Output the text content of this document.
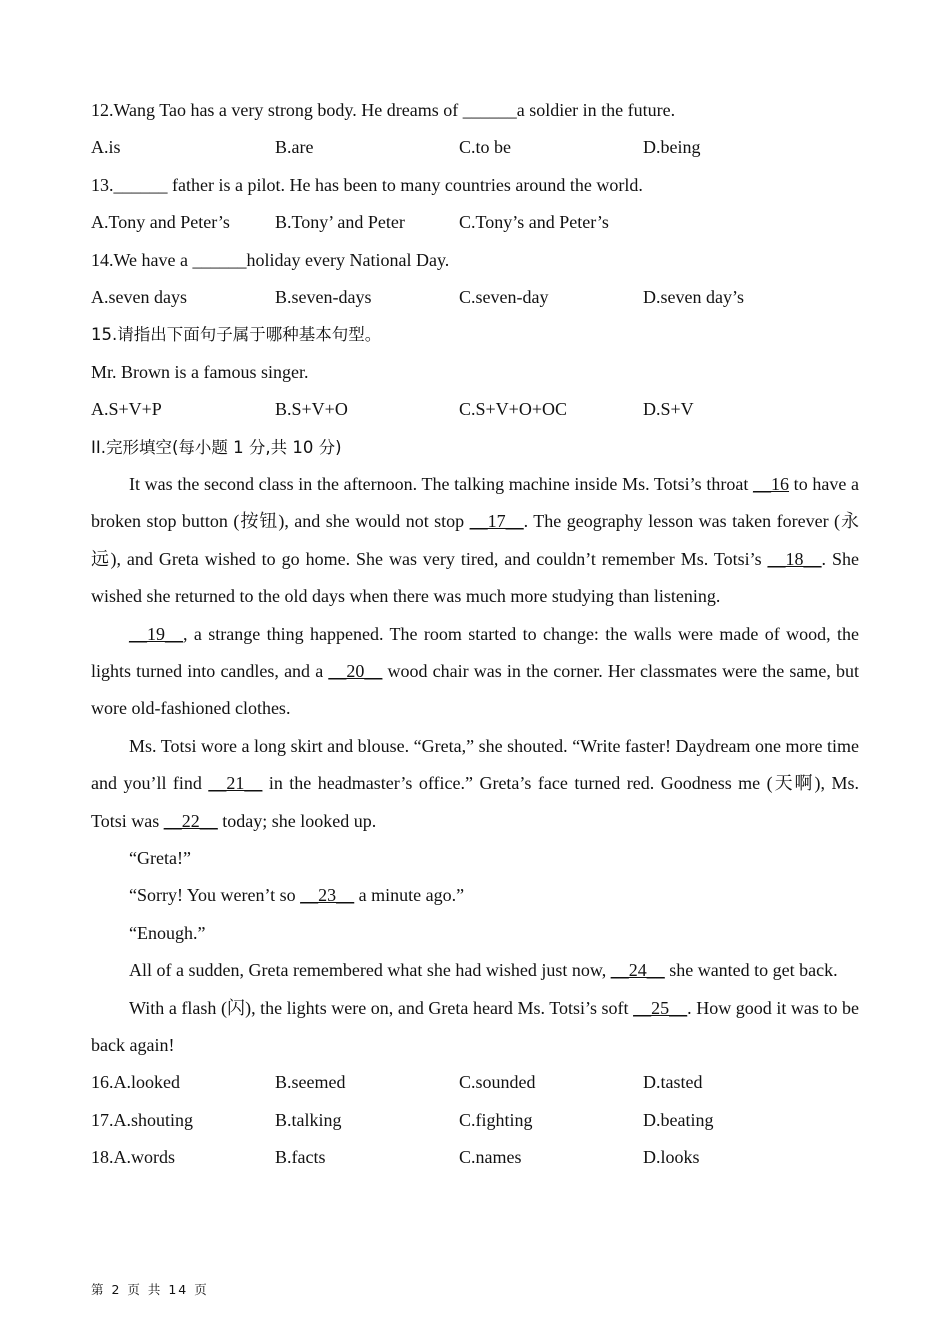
12.Wang Tao has a very strong body. He dreams of ______a soldier in the future.
A.is	B.are	C.to be	D.being
13.______ father is a pilot. He has been to many countries around the world.
A.Tony and Peter’s	B.Tony’ and Peter	C.Tony’s and Peter’s
14.We have a ______holiday every National Day.
A.seven days	B.seven-days	C.seven-day	D.seven day’s
15.请指出下面句子属于哪种基本句型。
Mr. Brown is a famous singer.
A.S+V+P	B.S+V+O	C.S+V+O+OC	D.S+V
II.完形填空(每小题 1 分,共 10 分)

It was the second class in the afternoon. The talking machine inside Ms. Totsi’s throat __16 to have a broken stop button (按钮), and she would not stop __17__. The geography lesson was taken forever (永远), and Greta wished to go home. She was very tired, and couldn’t remember Ms. Totsi’s __18__. She wished she returned to the old days when there was much more studying than listening.

__19__, a strange thing happened. The room started to change: the walls were made of wood, the lights turned into candles, and a __20__ wood chair was in the corner. Her classmates were the same, but wore old-fashioned clothes.

Ms. Totsi wore a long skirt and blouse. “Greta,” she shouted. “Write faster! Daydream one more time and you’ll find __21__ in the headmaster’s office.” Greta’s face turned red. Goodness me (天啊), Ms. Totsi was __22__ today; she looked up.

“Greta!”

“Sorry! You weren’t so __23__ a minute ago.”

“Enough.”

All of a sudden, Greta remembered what she had wished just now, __24__ she wanted to get back.

With a flash (闪), the lights were on, and Greta heard Ms. Totsi’s soft __25__. How good it was to be back again!

16.A.looked	B.seemed	C.sounded	D.tasted
17.A.shouting	B.talking	C.fighting	D.beating
18.A.words	B.facts	C.names	D.looks
第 2 页 共 14 页
